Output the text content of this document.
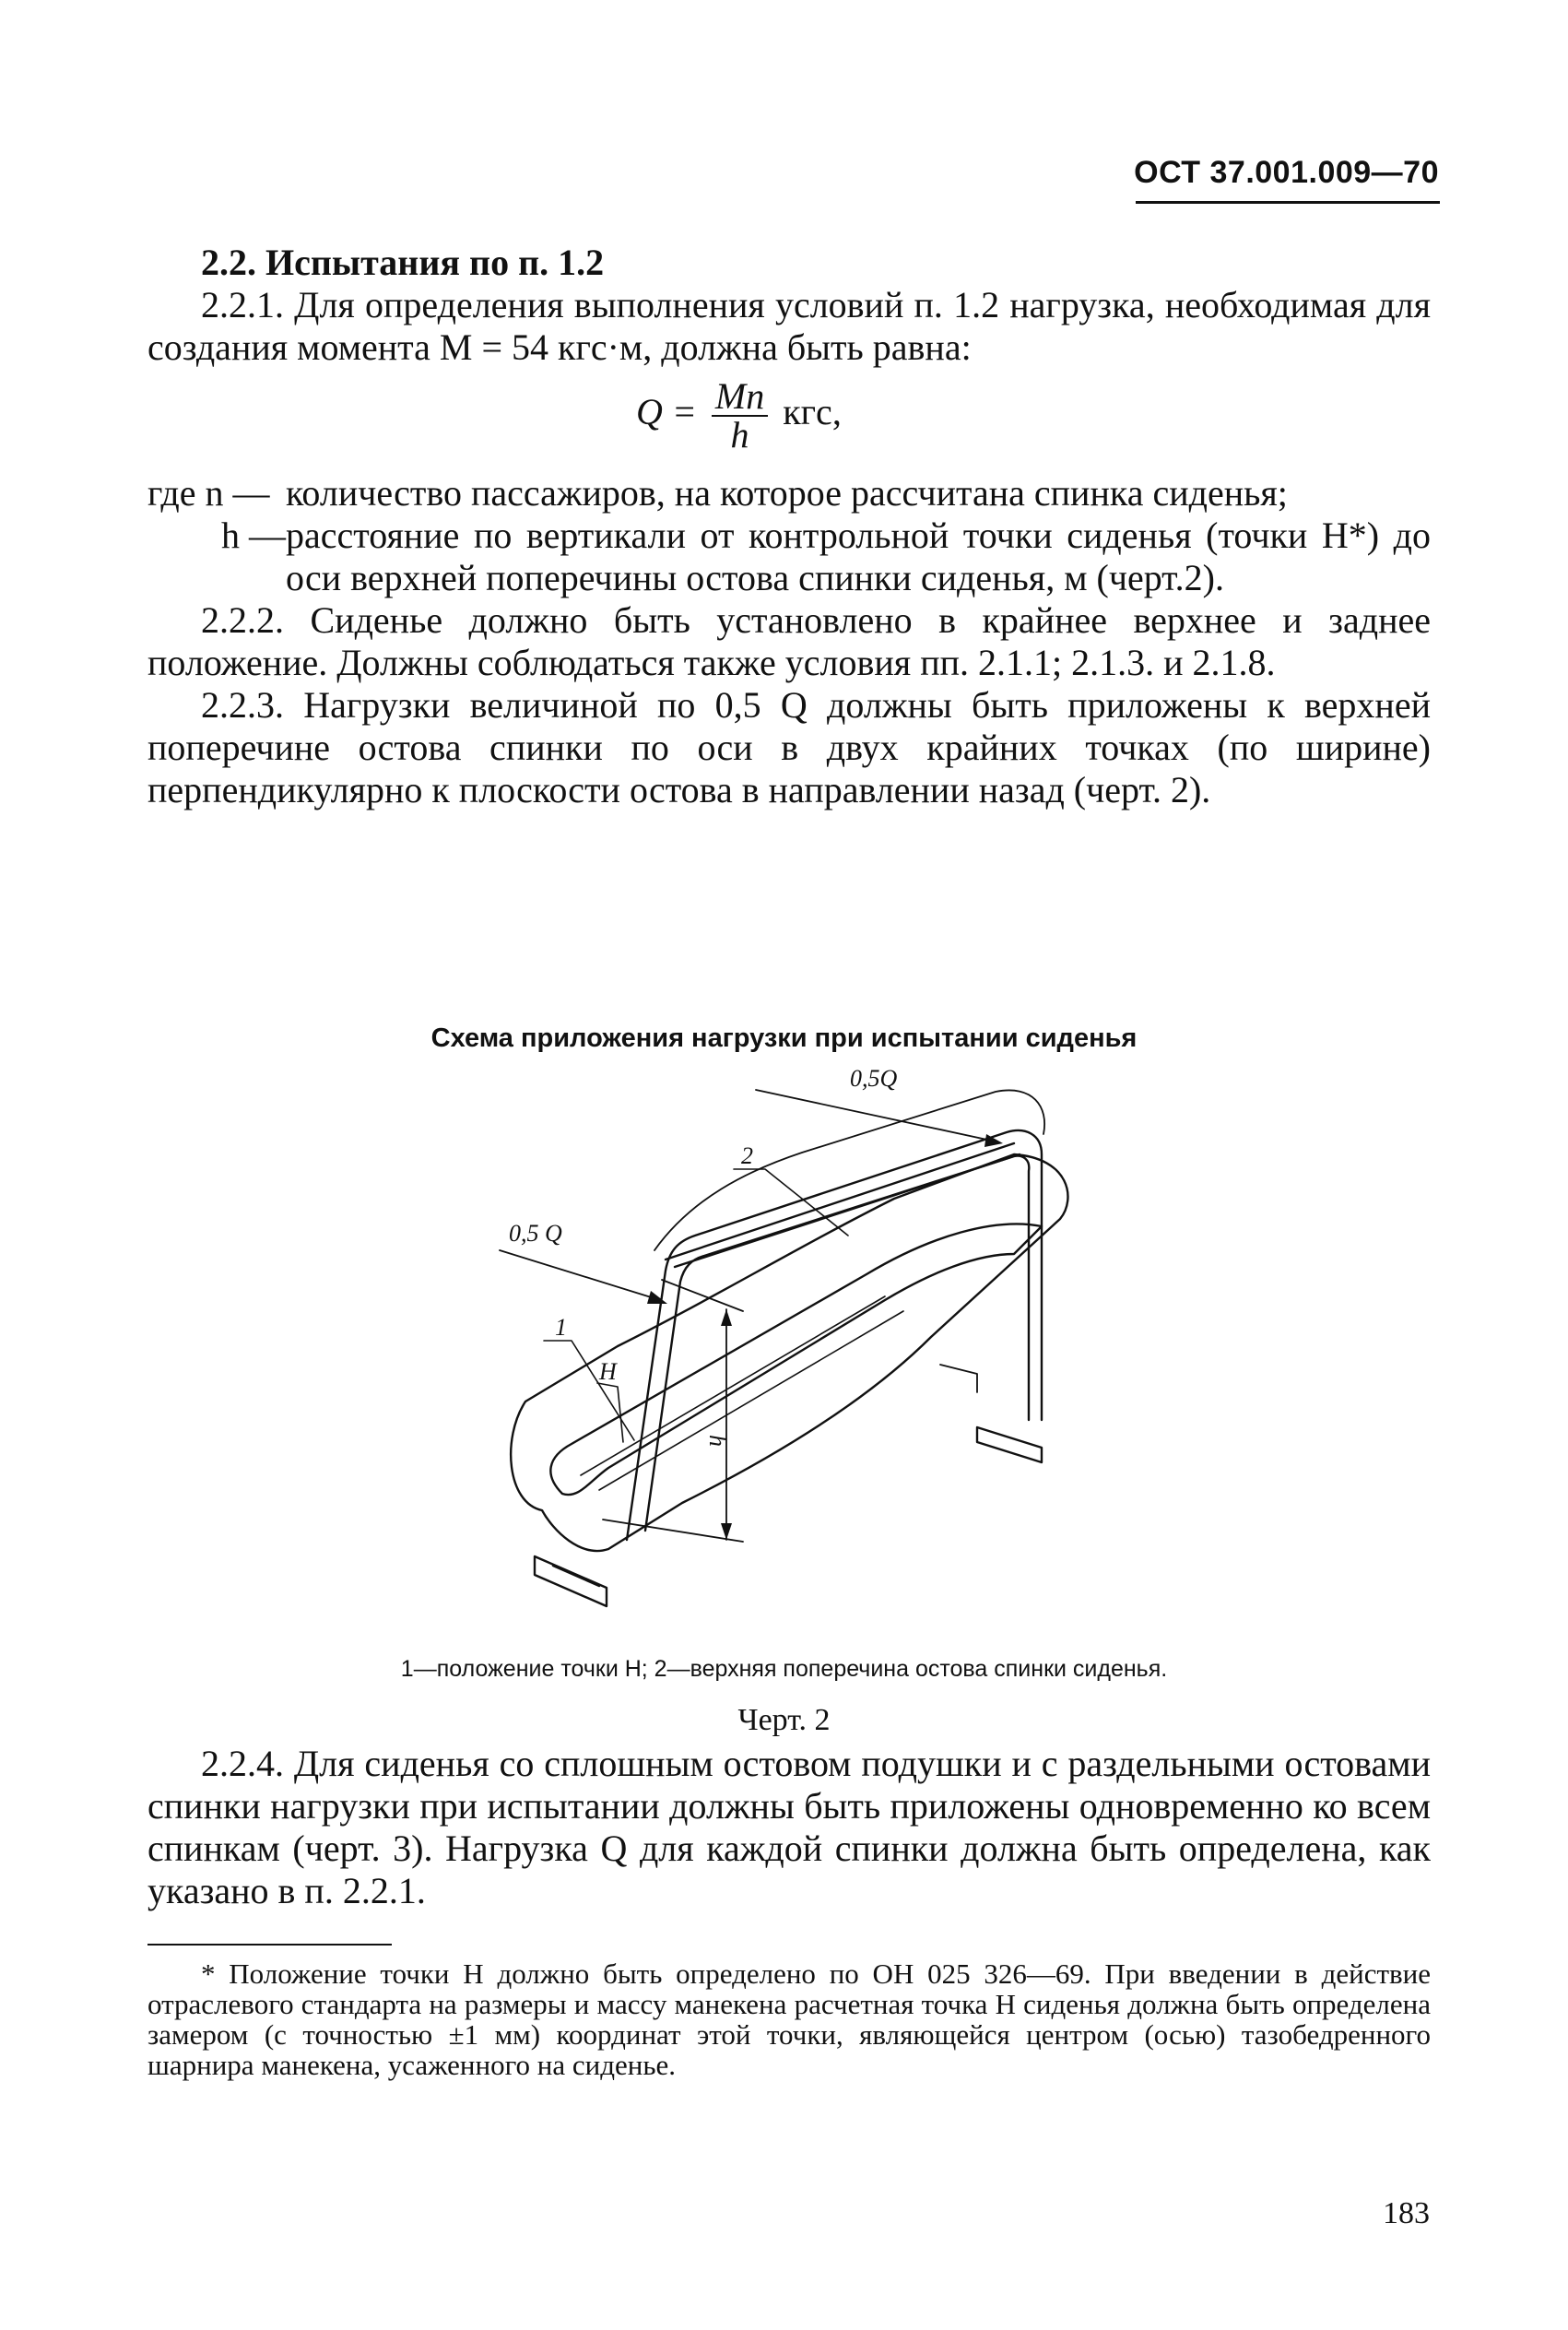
ОСТ 37.001.009—70

2.2. Испытания по п. 1.2

2.2.1. Для определения выполнения условий п. 1.2 нагрузка, необходимая для создания момента М = 54 кгс·м, должна быть равна:

$Q = \frac{Mn}{h}$ кгс,
где n — количество пассажиров, на которое рассчитана спинка сиденья;

h — расстояние по вертикали от контрольной точки сиденья (точки Н*) до оси верхней поперечины остова спинки сиденья, м (черт.2).

2.2.2. Сиденье должно быть установлено в крайнее верхнее и заднее положение. Должны соблюдаться также условия пп. 2.1.1; 2.1.3. и 2.1.8.

2.2.3. Нагрузки величиной по 0,5 Q должны быть приложены к верхней поперечине остова спинки по оси в двух крайних точках (по ширине) перпендикулярно к плоскости остова в направлении назад (черт. 2).

Схема приложения нагрузки при испытании сиденья
0,5Q
0,5 Q
1
2
H
h
1—положение точки Н; 2—верхняя поперечина остова спинки сиденья.
Черт. 2

2.2.4. Для сиденья со сплошным остовом подушки и с раздельными остовами спинки нагрузки при испытании должны быть приложены одновременно ко всем спинкам (черт. 3). Нагрузка Q для каждой спинки должна быть определена, как указано в п. 2.2.1.

* Положение точки Н должно быть определено по ОН 025 326—69. При введении в действие отраслевого стандарта на размеры и массу манекена расчетная точка Н сиденья должна быть определена замером (с точностью ±1 мм) координат этой точки, являющейся центром (осью) тазобедренного шарнира манекена, усаженного на сиденье.

183
